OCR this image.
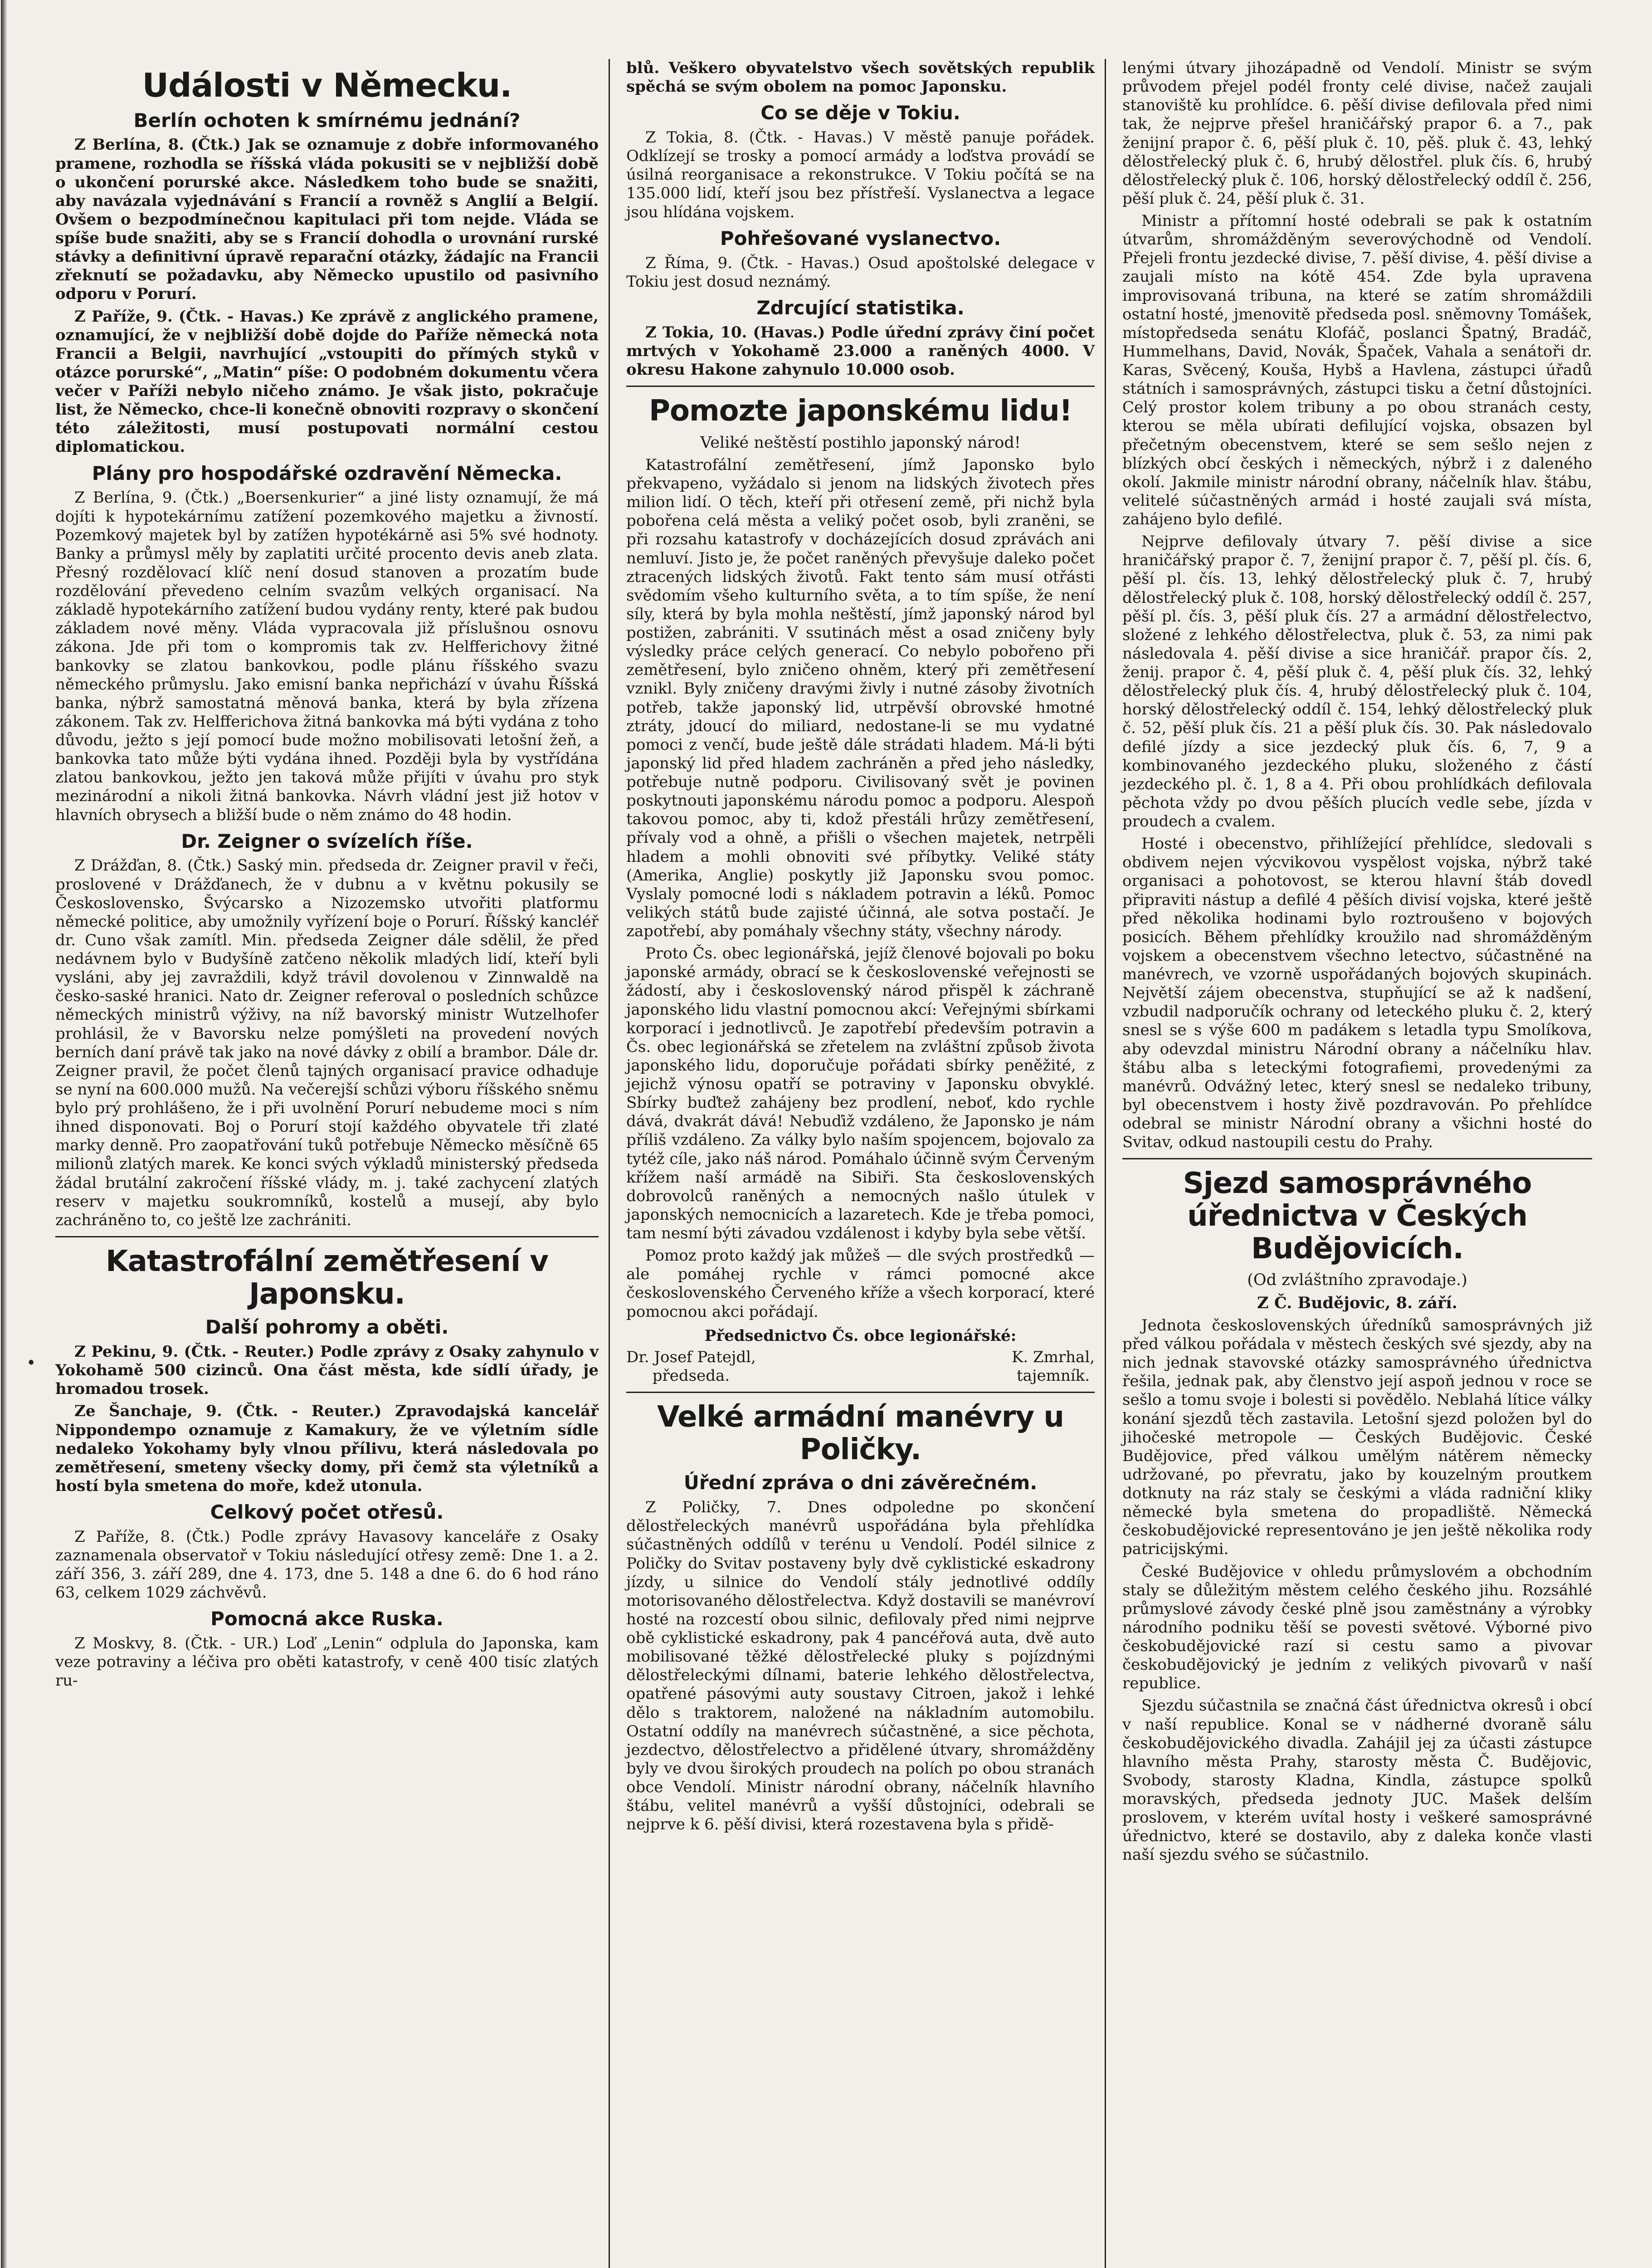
•
Události v Německu.
Berlín ochoten k smírnému jednání?

Z Berlína, 8. (Čtk.) Jak se oznamuje z dobře informovaného pramene, rozhodla se říšská vláda pokusiti se v nejbližší době o ukončení porurské akce. Následkem toho bude se snažiti, aby navázala vyjednávání s Francií a rovněž s Anglií a Belgií. Ovšem o bezpodmínečnou kapitulaci při tom nejde. Vláda se spíše bude snažiti, aby se s Francií dohodla o urovnání rurské stávky a definitivní úpravě reparační otázky, žádajíc na Francii zřeknutí se požadavku, aby Německo upustilo od pasivního odporu v Porurí.

Z Paříže, 9. (Čtk. - Havas.) Ke zprávě z anglického pramene, oznamující, že v nejbližší době dojde do Paříže německá nota Francii a Belgii, navrhující „vstoupiti do přímých styků v otázce porurské“, „Matin“ píše: O podobném dokumentu včera večer v Paříži nebylo ničeho známo. Je však jisto, pokračuje list, že Německo, chce-li konečně obnoviti rozpravy o skončení této záležitosti, musí postupovati normální cestou diplomatickou.

Plány pro hospodářské ozdravění Německa.

Z Berlína, 9. (Čtk.) „Boersenkurier“ a jiné listy oznamují, že má dojíti k hypotekárnímu zatížení pozemkového majetku a živností. Pozemkový majetek byl by zatížen hypotékárně asi 5% své hodnoty. Banky a průmysl měly by zaplatiti určité procento devis aneb zlata. Přesný rozdělovací klíč není dosud stanoven a prozatím bude rozdělování převedeno celním svazům velkých organisací. Na základě hypotekárního zatížení budou vydány renty, které pak budou základem nové měny. Vláda vypracovala již příslušnou osnovu zákona. Jde při tom o kompromis tak zv. Helfferichovy žitné bankovky se zlatou bankovkou, podle plánu říšského svazu německého průmyslu. Jako emisní banka nepřichází v úvahu Říšská banka, nýbrž samostatná měnová banka, která by byla zřízena zákonem. Tak zv. Helfferichova žitná bankovka má býti vydána z toho důvodu, ježto s její pomocí bude možno mobilisovati letošní žeň, a bankovka tato může býti vydána ihned. Později byla by vystřídána zlatou bankovkou, ježto jen taková může přijíti v úvahu pro styk mezinárodní a nikoli žitná bankovka. Návrh vládní jest již hotov v hlavních obrysech a bližší bude o něm známo do 48 hodin.

Dr. Zeigner o svízelích říše.

Z Drážďan, 8. (Čtk.) Saský min. předseda dr. Zeigner pravil v řeči, proslovené v Drážďanech, že v dubnu a v květnu pokusily se Československo, Švýcarsko a Nizozemsko utvořiti platformu německé politice, aby umožnily vyřízení boje o Porurí. Říšský kancléř dr. Cuno však zamítl. Min. předseda Zeigner dále sdělil, že před nedávnem bylo v Budyšíně zatčeno několik mladých lidí, kteří byli vysláni, aby jej zavraždili, když trávil dovolenou v Zinnwaldě na česko-saské hranici. Nato dr. Zeigner referoval o posledních schůzce německých ministrů výživy, na níž bavorský ministr Wutzelhofer prohlásil, že v Bavorsku nelze pomýšleti na provedení nových berních daní právě tak jako na nové dávky z obilí a brambor. Dále dr. Zeigner pravil, že počet členů tajných organisací pravice odhaduje se nyní na 600.000 mužů. Na večerejší schůzi výboru říšského sněmu bylo prý prohlášeno, že i při uvolnění Porurí nebudeme moci s ním ihned disponovati. Boj o Porurí stojí každého obyvatele tři zlaté marky denně. Pro zaopatřování tuků potřebuje Německo měsíčně 65 milionů zlatých marek. Ke konci svých výkladů ministerský předseda žádal brutální zakročení říšské vlády, m. j. také zachycení zlatých reserv v majetku soukromníků, kostelů a musejí, aby bylo zachráněno to, co ještě lze zachrániti.

Katastrofální zemětřesení v Japonsku.
Další pohromy a oběti.

Z Pekinu, 9. (Čtk. - Reuter.) Podle zprávy z Osaky zahynulo v Yokohamě 500 cizinců. Ona část města, kde sídlí úřady, je hromadou trosek.

Ze Šanchaje, 9. (Čtk. - Reuter.) Zpravodajská kancelář Nippondempo oznamuje z Kamakury, že ve výletním sídle nedaleko Yokohamy byly vlnou přílivu, která následovala po zemětřesení, smeteny všecky domy, při čemž sta výletníků a hostí byla smetena do moře, kdež utonula.

Celkový počet otřesů.

Z Paříže, 8. (Čtk.) Podle zprávy Havasovy kanceláře z Osaky zaznamenala observatoř v Tokiu následující otřesy země: Dne 1. a 2. září 356, 3. září 289, dne 4. 173, dne 5. 148 a dne 6. do 6 hod ráno 63, celkem 1029 záchvěvů.

Pomocná akce Ruska.

Z Moskvy, 8. (Čtk. - UR.) Loď „Lenin“ odplula do Japonska, kam veze potraviny a léčiva pro oběti katastrofy, v ceně 400 tisíc zlatých ru-

blů. Veškero obyvatelstvo všech sovětských republik spěchá se svým obolem na pomoc Japonsku.

Co se děje v Tokiu.

Z Tokia, 8. (Čtk. - Havas.) V městě panuje pořádek. Odklízejí se trosky a pomocí armády a loďstva provádí se úsilná reorganisace a rekonstrukce. V Tokiu počítá se na 135.000 lidí, kteří jsou bez přístřeší. Vyslanectva a legace jsou hlídána vojskem.

Pohřešované vyslanectvo.

Z Říma, 9. (Čtk. - Havas.) Osud apoštolské delegace v Tokiu jest dosud neznámý.

Zdrcující statistika.

Z Tokia, 10. (Havas.) Podle úřední zprávy činí počet mrtvých v Yokohamě 23.000 a raněných 4000. V okresu Hakone zahynulo 10.000 osob.

Pomozte japonskému lidu!

Veliké neštěstí postihlo japonský národ!

Katastrofální zemětřesení, jímž Japonsko bylo překvapeno, vyžádalo si jenom na lidských životech přes milion lidí. O těch, kteří při otřesení země, při nichž byla pobořena celá města a veliký počet osob, byli zraněni, se při rozsahu katastrofy v docházejících dosud zprávách ani nemluví. Jisto je, že počet raněných převyšuje daleko počet ztracených lidských životů. Fakt tento sám musí otřásti svědomím všeho kulturního světa, a to tím spíše, že není síly, která by byla mohla neštěstí, jímž japonský národ byl postižen, zabrániti. V ssutinách měst a osad zničeny byly výsledky práce celých generací. Co nebylo pobořeno při zemětřesení, bylo zničeno ohněm, který při zemětřesení vznikl. Byly zničeny dravými živly i nutné zásoby životních potřeb, takže japonský lid, utrpěvší obrovské hmotné ztráty, jdoucí do miliard, nedostane-li se mu vydatné pomoci z venčí, bude ještě dále strádati hladem. Má-li býti japonský lid před hladem zachráněn a před jeho následky, potřebuje nutně podporu. Civilisovaný svět je povinen poskytnouti japonskému národu pomoc a podporu. Alespoň takovou pomoc, aby ti, kdož přestáli hrůzy zemětřesení, přívaly vod a ohně, a přišli o všechen majetek, netrpěli hladem a mohli obnoviti své příbytky. Veliké státy (Amerika, Anglie) poskytly již Japonsku svou pomoc. Vyslaly pomocné lodi s nákladem potravin a léků. Pomoc velikých států bude zajisté účinná, ale sotva postačí. Je zapotřebí, aby pomáhaly všechny státy, všechny národy.

Proto Čs. obec legionářská, jejíž členové bojovali po boku japonské armády, obrací se k československé veřejnosti se žádostí, aby i československý národ přispěl k záchraně japonského lidu vlastní pomocnou akcí: Veřejnými sbírkami korporací i jednotlivců. Je zapotřebí především potravin a Čs. obec legionářská se zřetelem na zvláštní způsob života japonského lidu, doporučuje pořádati sbírky peněžité, z jejichž výnosu opatří se potraviny v Japonsku obvyklé. Sbírky buďtež zahájeny bez prodlení, neboť, kdo rychle dává, dvakrát dává! Nebuďiž vzdáleno, že Japonsko je nám příliš vzdáleno. Za války bylo naším spojencem, bojovalo za tytéž cíle, jako náš národ. Pomáhalo účinně svým Červeným křížem naší armádě na Sibiři. Sta československých dobrovolců raněných a nemocných našlo útulek v japonských nemocnicích a lazaretech. Kde je třeba pomoci, tam nesmí býti závadou vzdálenost i kdyby byla sebe větší.

Pomoz proto každý jak můžeš — dle svých prostředků — ale pomáhej rychle v rámci pomocné akce československého Červeného kříže a všech korporací, které pomocnou akci pořádají.

Předsednictvo Čs. obce legionářské:
Dr. Josef Patejdl,
předseda.
K. Zmrhal,
tajemník.
Velké armádní manévry u Poličky.
Úřední zpráva o dni závěrečném.

Z Poličky, 7. Dnes odpoledne po skončení dělostřeleckých manévrů uspořádána byla přehlídka súčastněných oddílů v terénu u Vendolí. Podél silnice z Poličky do Svitav postaveny byly dvě cyklistické eskadrony jízdy, u silnice do Vendolí stály jednotlivé oddíly motorisovaného dělostřelectva. Když dostavili se manévroví hosté na rozcestí obou silnic, defilovaly před nimi nejprve obě cyklistické eskadrony, pak 4 pancéřová auta, dvě auto mobilisované těžké dělostřelecké pluky s pojízdnými dělostřeleckými dílnami, baterie lehkého dělostřelectva, opatřené pásovými auty soustavy Citroen, jakož i lehké dělo s traktorem, naložené na nákladním automobilu. Ostatní oddíly na manévrech súčastněné, a sice pěchota, jezdectvo, dělostřelectvo a přidělené útvary, shromážděny byly ve dvou širokých proudech na polích po obou stranách obce Vendolí. Ministr národní obrany, náčelník hlavního štábu, velitel manévrů a vyšší důstojníci, odebrali se nejprve k 6. pěší divisi, která rozestavena byla s přidě-

lenými útvary jihozápadně od Vendolí. Ministr se svým průvodem přejel podél fronty celé divise, načež zaujali stanoviště ku prohlídce. 6. pěší divise defilovala před nimi tak, že nejprve přešel hraničářský prapor 6. a 7., pak ženijní prapor č. 6, pěší pluk č. 10, pěš. pluk č. 43, lehký dělostřelecký pluk č. 6, hrubý dělostřel. pluk čís. 6, hrubý dělostřelecký pluk č. 106, horský dělostřelecký oddíl č. 256, pěší pluk č. 24, pěší pluk č. 31.

Ministr a přítomní hosté odebrali se pak k ostatním útvarům, shromážděným severovýchodně od Vendolí. Přejeli frontu jezdecké divise, 7. pěší divise, 4. pěší divise a zaujali místo na kótě 454. Zde byla upravena improvisovaná tribuna, na které se zatím shromáždili ostatní hosté, jmenovitě předseda posl. sněmovny Tomášek, místopředseda senátu Klofáč, poslanci Špatný, Bradáč, Hummelhans, David, Novák, Špaček, Vahala a senátoři dr. Karas, Svěcený, Kouša, Hybš a Havlena, zástupci úřadů státních i samosprávných, zástupci tisku a četní důstojníci. Celý prostor kolem tribuny a po obou stranách cesty, kterou se měla ubírati defilující vojska, obsazen byl přečetným obecenstvem, které se sem sešlo nejen z blízkých obcí českých i německých, nýbrž i z daleného okolí. Jakmile ministr národní obrany, náčelník hlav. štábu, velitelé súčastněných armád i hosté zaujali svá místa, zahájeno bylo defilé.

Nejprve defilovaly útvary 7. pěší divise a sice hraničářský prapor č. 7, ženijní prapor č. 7, pěší pl. čís. 6, pěší pl. čís. 13, lehký dělostřelecký pluk č. 7, hrubý dělostřelecký pluk č. 108, horský dělostřelecký oddíl č. 257, pěší pl. čís. 3, pěší pluk čís. 27 a armádní dělostřelectvo, složené z lehkého dělostřelectva, pluk č. 53, za nimi pak následovala 4. pěší divise a sice hraničář. prapor čís. 2, ženij. prapor č. 4, pěší pluk č. 4, pěší pluk čís. 32, lehký dělostřelecký pluk čís. 4, hrubý dělostřelecký pluk č. 104, horský dělostřelecký oddíl č. 154, lehký dělostřelecký pluk č. 52, pěší pluk čís. 21 a pěší pluk čís. 30. Pak následovalo defilé jízdy a sice jezdecký pluk čís. 6, 7, 9 a kombinovaného jezdeckého pluku, složeného z částí jezdeckého pl. č. 1, 8 a 4. Při obou prohlídkách defilovala pěchota vždy po dvou pěších plucích vedle sebe, jízda v proudech a cvalem.

Hosté i obecenstvo, přihlížející přehlídce, sledovali s obdivem nejen výcvikovou vyspělost vojska, nýbrž také organisaci a pohotovost, se kterou hlavní štáb dovedl připraviti nástup a defilé 4 pěších divisí vojska, které ještě před několika hodinami bylo roztroušeno v bojových posicích. Během přehlídky kroužilo nad shromážděným vojskem a obecenstvem všechno letectvo, súčastněné na manévrech, ve vzorně uspořádaných bojových skupinách. Největší zájem obecenstva, stupňující se až k nadšení, vzbudil nadporučík ochrany od leteckého pluku č. 2, který snesl se s výše 600 m padákem s letadla typu Smolíkova, aby odevzdal ministru Národní obrany a náčelníku hlav. štábu alba s leteckými fotografiemi, provedenými za manévrů. Odvážný letec, který snesl se nedaleko tribuny, byl obecenstvem i hosty živě pozdravován. Po přehlídce odebral se ministr Národní obrany a všichni hosté do Svitav, odkud nastoupili cestu do Prahy.

Sjezd samosprávného úřednictva v Českých Budějovicích.

(Od zvláštního zpravodaje.)

Z Č. Budějovic, 8. září.

Jednota československých úředníků samosprávných již před válkou pořádala v městech českých své sjezdy, aby na nich jednak stavovské otázky samosprávného úřednictva řešila, jednak pak, aby členstvo její aspoň jednou v roce se sešlo a tomu svoje i bolesti si povědělo. Neblahá lítice války konání sjezdů těch zastavila. Letošní sjezd položen byl do jihočeské metropole — Českých Budějovic. České Budějovice, před válkou umělým nátěrem německy udržované, po převratu, jako by kouzelným proutkem dotknuty na ráz staly se českými a vláda radniční kliky německé byla smetena do propadliště. Německá českobudějovické representováno je jen ještě několika rody patricijskými.

České Budějovice v ohledu průmyslovém a obchodním staly se důležitým městem celého českého jihu. Rozsáhlé průmyslové závody české plně jsou zaměstnány a výrobky národního podniku těší se povesti světové. Výborné pivo českobudějovické razí si cestu samo a pivovar českobudějovický je jedním z velikých pivovarů v naší republice.

Sjezdu súčastnila se značná část úřednictva okresů i obcí v naší republice. Konal se v nádherné dvoraně sálu českobudějovického divadla. Zahájil jej za účasti zástupce hlavního města Prahy, starosty města Č. Budějovic, Svobody, starosty Kladna, Kindla, zástupce spolků moravských, předseda jednoty JUC. Mašek delším proslovem, v kterém uvítal hosty i veškeré samosprávné úřednictvo, které se dostavilo, aby z daleka konče vlasti naší sjezdu svého se súčastnilo.
